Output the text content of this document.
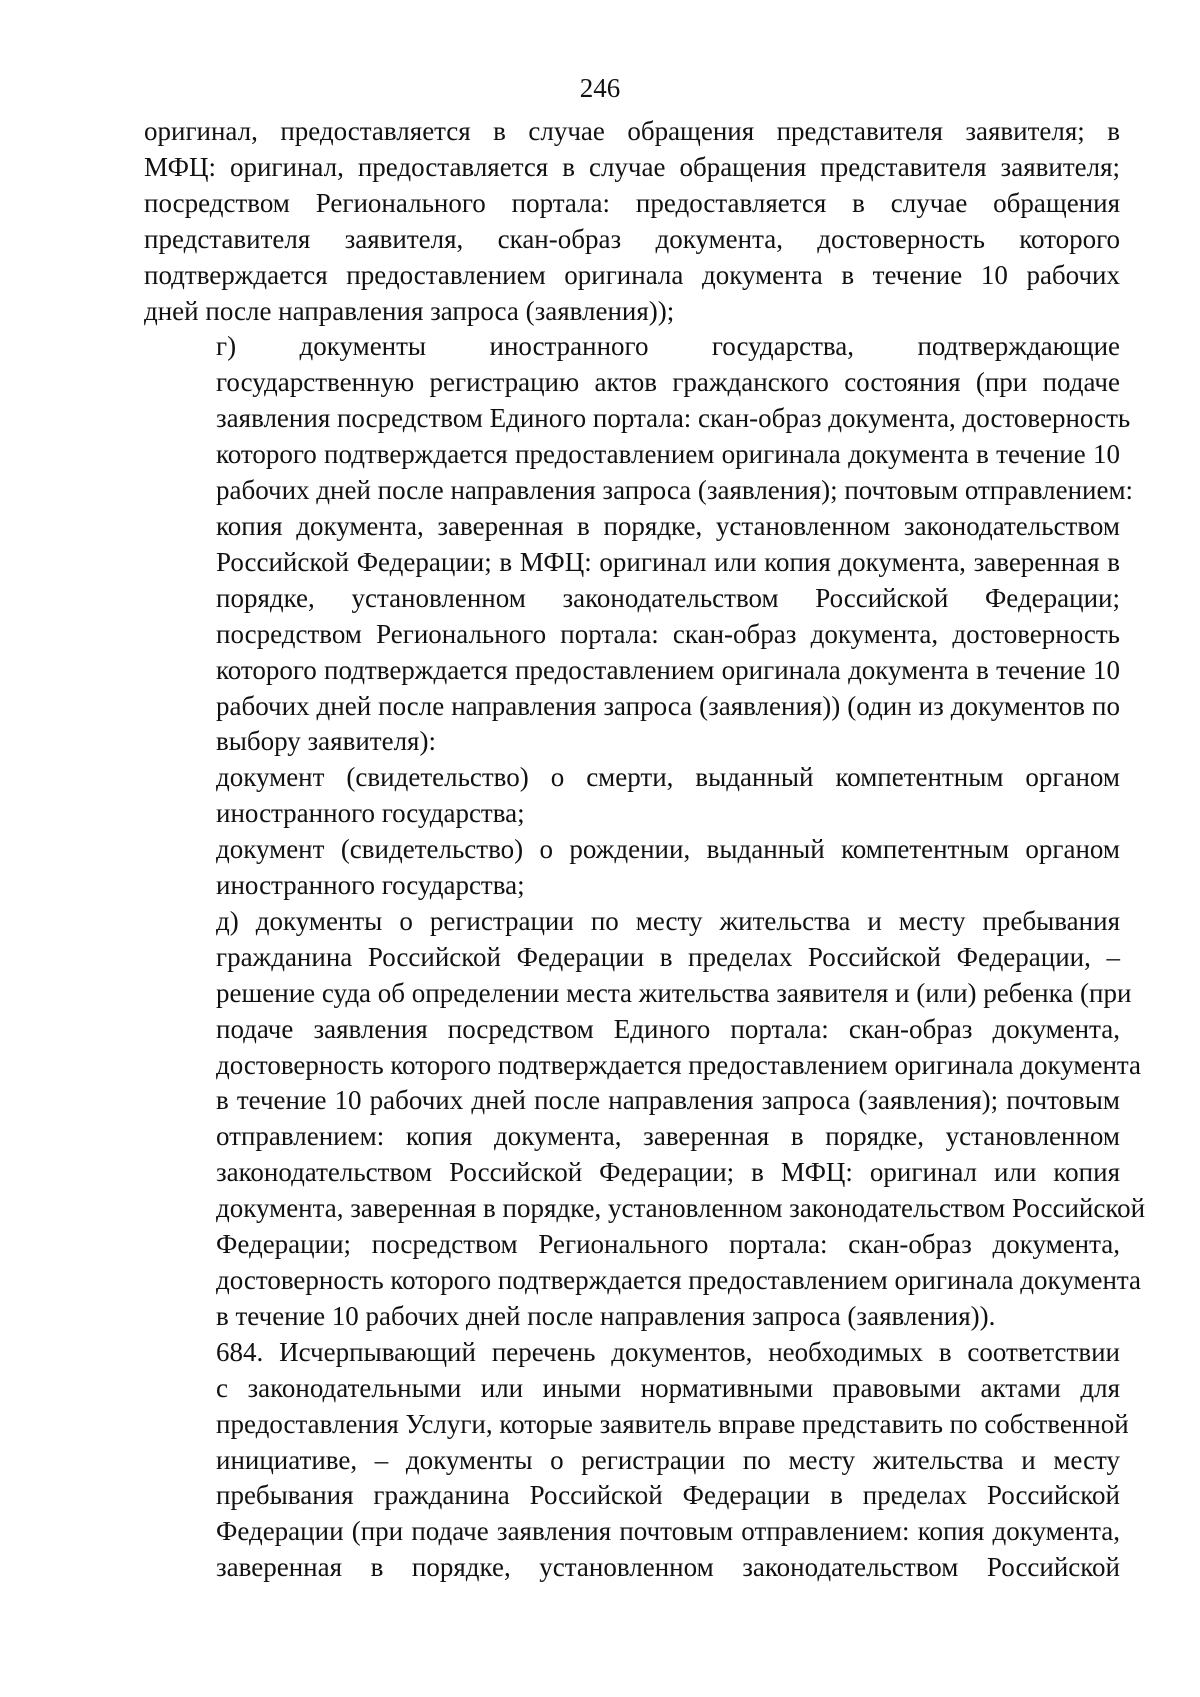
246
оригинал, предоставляется в случае обращения представителя заявителя; в
МФЦ: оригинал, предоставляется в случае обращения представителя заявителя;
посредством Регионального портала: предоставляется в случае обращения
представителя заявителя, скан-образ документа, достоверность которого
подтверждается предоставлением оригинала документа в течение 10 рабочих
дней после направления запроса (заявления));
г) документы иностранного государства, подтверждающие
государственную регистрацию актов гражданского состояния (при подаче
заявления посредством Единого портала: скан-образ документа, достоверность
которого подтверждается предоставлением оригинала документа в течение 10
рабочих дней после направления запроса (заявления); почтовым отправлением:
копия документа, заверенная в порядке, установленном законодательством
Российской Федерации; в МФЦ: оригинал или копия документа, заверенная в
порядке, установленном законодательством Российской Федерации;
посредством Регионального портала: скан-образ документа, достоверность
которого подтверждается предоставлением оригинала документа в течение 10
рабочих дней после направления запроса (заявления)) (один из документов по
выбору заявителя):
документ (свидетельство) о смерти, выданный компетентным органом
иностранного государства;
документ (свидетельство) о рождении, выданный компетентным органом
иностранного государства;
д) документы о регистрации по месту жительства и месту пребывания
гражданина Российской Федерации в пределах Российской Федерации, –
решение суда об определении места жительства заявителя и (или) ребенка (при
подаче заявления посредством Единого портала: скан-образ документа,
достоверность которого подтверждается предоставлением оригинала документа
в течение 10 рабочих дней после направления запроса (заявления); почтовым
отправлением: копия документа, заверенная в порядке, установленном
законодательством Российской Федерации; в МФЦ: оригинал или копия
документа, заверенная в порядке, установленном законодательством Российской
Федерации; посредством Регионального портала: скан-образ документа,
достоверность которого подтверждается предоставлением оригинала документа
в течение 10 рабочих дней после направления запроса (заявления)).
684. Исчерпывающий перечень документов, необходимых в соответствии
с законодательными или иными нормативными правовыми актами для
предоставления Услуги, которые заявитель вправе представить по собственной
инициативе, – документы о регистрации по месту жительства и месту
пребывания гражданина Российской Федерации в пределах Российской
Федерации (при подаче заявления почтовым отправлением: копия документа,
заверенная в порядке, установленном законодательством Российской
